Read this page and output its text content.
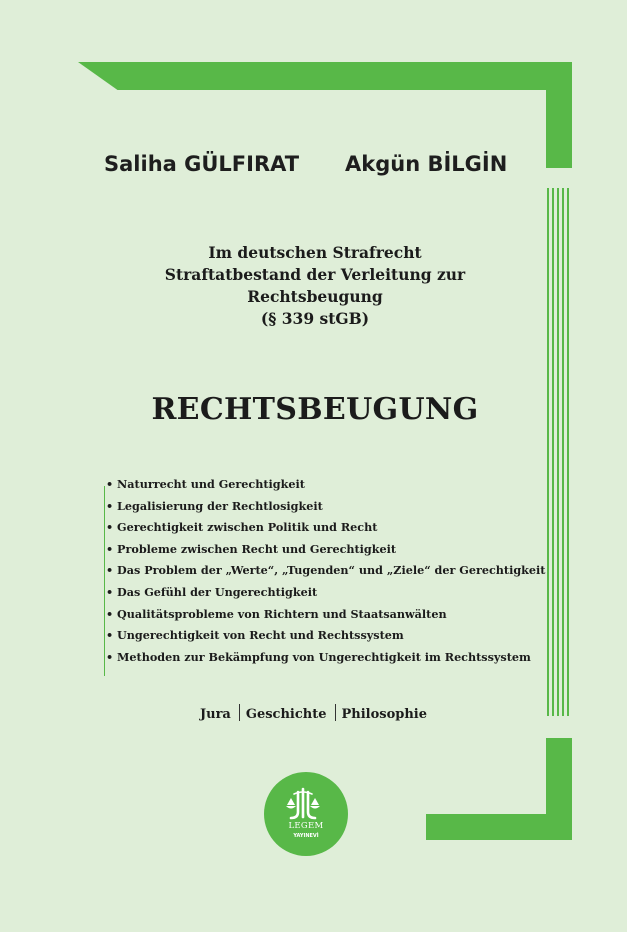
Saliha GÜLFIRAT Akgün BİLGİN
Im deutschen Strafrecht
Straftatbestand der Verleitung zur
Rechtsbeugung
(§ 339 stGB)
RECHTSBEUGUNG
• Naturrecht und Gerechtigkeit
• Legalisierung der Rechtlosigkeit
• Gerechtigkeit zwischen Politik und Recht
• Probleme zwischen Recht und Gerechtigkeit
• Das Problem der „Werte“, „Tugenden“ und „Ziele“ der Gerechtigkeit
• Das Gefühl der Ungerechtigkeit
• Qualitätsprobleme von Richtern und Staatsanwälten
• Ungerechtigkeit von Recht und Rechtssystem
• Methoden zur Bekämpfung von Ungerechtigkeit im Rechtssystem
Jura Geschichte Philosophie
LEGEM
YAYINEVİ
